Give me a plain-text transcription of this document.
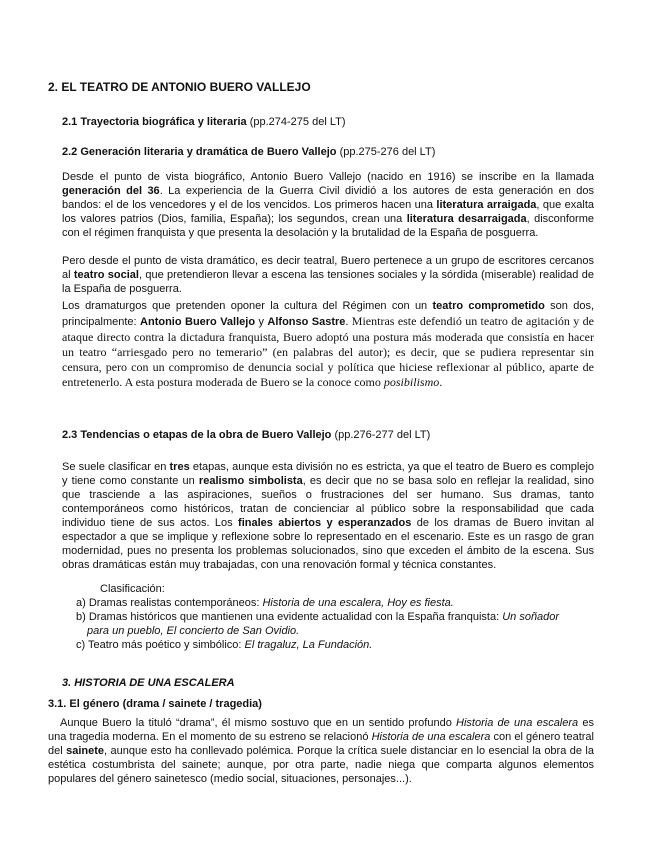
2. EL TEATRO DE ANTONIO BUERO VALLEJO
2.1 Trayectoria biográfica y literaria (pp.274-275 del LT)
2.2 Generación literaria y dramática de Buero Vallejo (pp.275-276 del LT)
Desde el punto de vista biográfico, Antonio Buero Vallejo (nacido en 1916) se inscribe en la llamada generación del 36. La experiencia de la Guerra Civil dividió a los autores de esta generación en dos bandos: el de los vencedores y el de los vencidos. Los primeros hacen una literatura arraigada, que exalta los valores patrios (Dios, familia, España); los segundos, crean una literatura desarraigada, disconforme con el régimen franquista y que presenta la desolación y la brutalidad de la España de posguerra.
Pero desde el punto de vista dramático, es decir teatral, Buero pertenece a un grupo de escritores cercanos al teatro social, que pretendieron llevar a escena las tensiones sociales y la sórdida (miserable) realidad de la España de posguerra.
Los dramaturgos que pretenden oponer la cultura del Régimen con un teatro comprometido son dos, principalmente: Antonio Buero Vallejo y Alfonso Sastre. Mientras este defendió un teatro de agitación y de ataque directo contra la dictadura franquista, Buero adoptó una postura más moderada que consistía en hacer un teatro “arriesgado pero no temerario” (en palabras del autor); es decir, que se pudiera representar sin censura, pero con un compromiso de denuncia social y política que hiciese reflexionar al público, aparte de entretenerlo. A esta postura moderada de Buero se la conoce como posibilismo.
2.3 Tendencias o etapas de la obra de Buero Vallejo (pp.276-277 del LT)
Se suele clasificar en tres etapas, aunque esta división no es estricta, ya que el teatro de Buero es complejo y tiene como constante un realismo simbolista, es decir que no se basa solo en reflejar la realidad, sino que trasciende a las aspiraciones, sueños o frustraciones del ser humano. Sus dramas, tanto contemporáneos como históricos, tratan de concienciar al público sobre la responsabilidad que cada individuo tiene de sus actos. Los finales abiertos y esperanzados de los dramas de Buero invitan al espectador a que se implique y reflexione sobre lo representado en el escenario. Este es un rasgo de gran modernidad, pues no presenta los problemas solucionados, sino que exceden el ámbito de la escena. Sus obras dramáticas están muy trabajadas, con una renovación formal y técnica constantes.
Clasificación:
a) Dramas realistas contemporáneos: Historia de una escalera, Hoy es fiesta.
b) Dramas históricos que mantienen una evidente actualidad con la España franquista: Un soñador
para un pueblo, El concierto de San Ovidio.
c) Teatro más poético y simbólico: El tragaluz, La Fundación.
3. HISTORIA DE UNA ESCALERA
3.1. El género (drama / sainete / tragedia)
Aunque Buero la tituló “drama”, él mismo sostuvo que en un sentido profundo Historia de una escalera es una tragedia moderna. En el momento de su estreno se relacionó Historia de una escalera con el género teatral del sainete, aunque esto ha conllevado polémica. Porque la crítica suele distanciar en lo esencial la obra de la estética costumbrista del sainete; aunque, por otra parte, nadie niega que comparta algunos elementos populares del género sainetesco (medio social, situaciones, personajes...).
